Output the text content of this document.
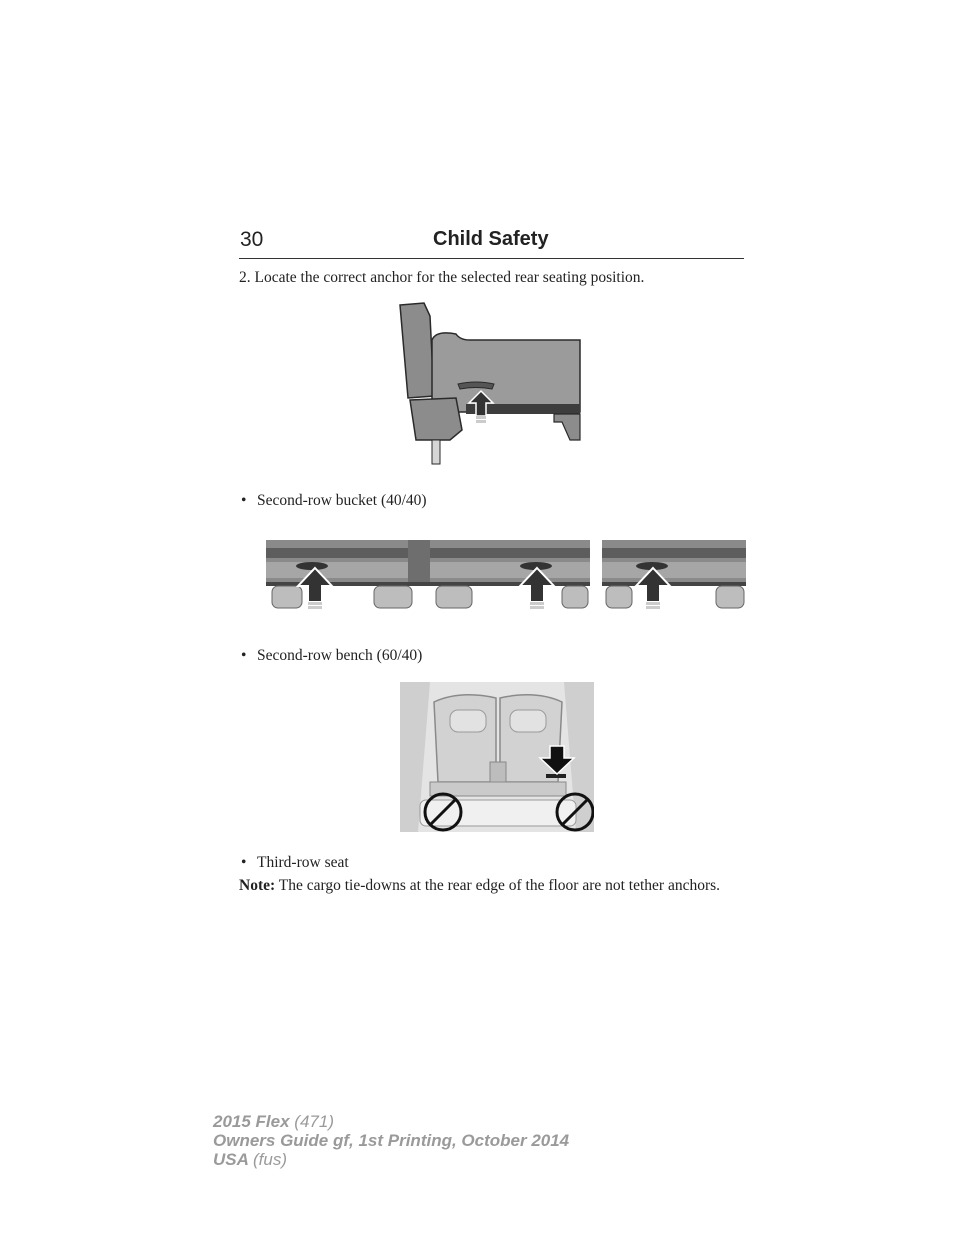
30	Child Safety
2. Locate the correct anchor for the selected rear seating position.
• Second-row bucket (40/40)
• Second-row bench (60/40)
• Third-row seat
Note: The cargo tie-downs at the rear edge of the floor are not tether anchors.
2015 Flex (471)
Owners Guide gf, 1st Printing, October 2014
USA (fus)
